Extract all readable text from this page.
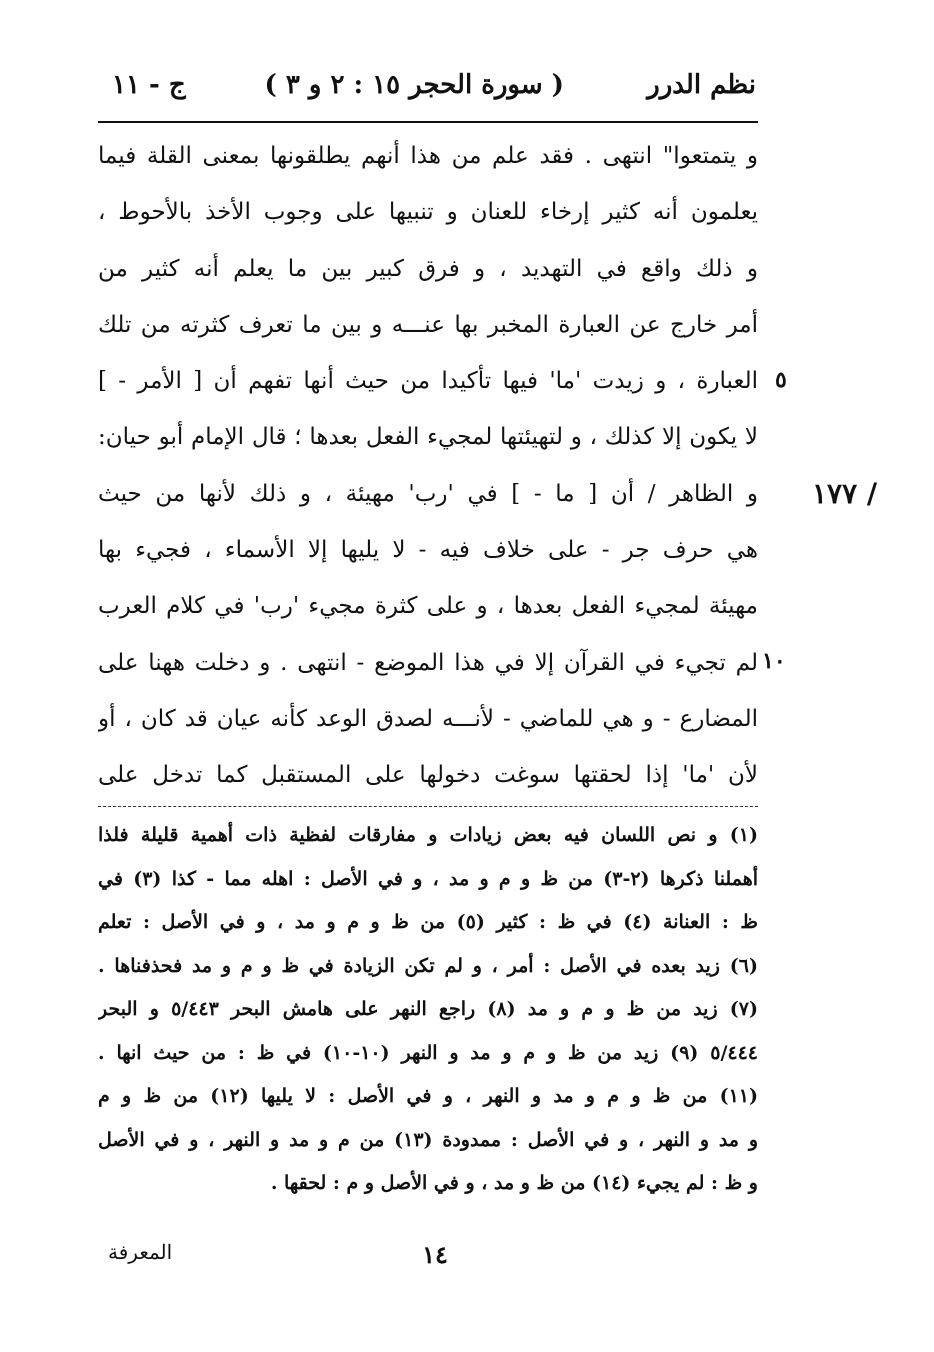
نظم الدرر
( سورة الحجر ١٥ : ٢ و ٣ )
ج - ١١
و يتمتعوا" انتهى . فقد علم من هذا أنهم يطلقونها بمعنى القلة فيما
يعلمون أنه كثير إرخاء للعنان و تنبيها على وجوب الأخذ بالأحوط ،
و ذلك واقع في التهديد ، و فرق كبير بين ما يعلم أنه كثير من
أمر خارج عن العبارة المخبر بها عنـــه و بين ما تعرف كثرته من تلك
العبارة ، و زيدت 'ما' فيها تأكيدا من حيث أنها تفهم أن [ الأمر - ]
لا يكون إلا كذلك ، و لتهيئتها لمجيء الفعل بعدها ؛ قال الإمام أبو حيان:
و الظاهر / أن [ ما - ] في 'رب' مهيئة ، و ذلك لأنها من حيث
هي حرف جر - على خلاف فيه - لا يليها إلا الأسماء ، فجيء بها
مهيئة لمجيء الفعل بعدها ، و على كثرة مجيء 'رب' في كلام العرب
لم تجيء في القرآن إلا في هذا الموضع - انتهى . و دخلت ههنا على
المضارع - و هي للماضي - لأنـــه لصدق الوعد كأنه عيان قد كان ، أو
لأن 'ما' إذا لحقتها سوغت دخولها على المستقبل كما تدخل على
٥
١٠
١٧٧ /
(١) و نص اللسان فيه بعض زيادات و مفارقات لفظية ذات أهمية قليلة فلذا
أهملنا ذكرها (٢-٣) من ظ و م و مد ، و في الأصل : اهله مما - كذا (٣) في
ظ : العنانة (٤) في ظ : كثير (٥) من ظ و م و مد ، و في الأصل : تعلم
(٦) زيد بعده في الأصل : أمر ، و لم تكن الزيادة في ظ و م و مد فحذفناها .
(٧) زيد من ظ و م و مد (٨) راجع النهر على هامش البحر ٥/٤٤٣ و البحر
٥/٤٤٤ (٩) زيد من ظ و م و مد و النهر (١٠-١٠) في ظ : من حيث انها .
(١١) من ظ و م و مد و النهر ، و في الأصل : لا يليها (١٢) من ظ و م
و مد و النهر ، و في الأصل : ممدودة (١٣) من م و مد و النهر ، و في الأصل
و ظ : لم يجيء (١٤) من ظ و مد ، و في الأصل و م : لحقها .
١٤
المعرفة
